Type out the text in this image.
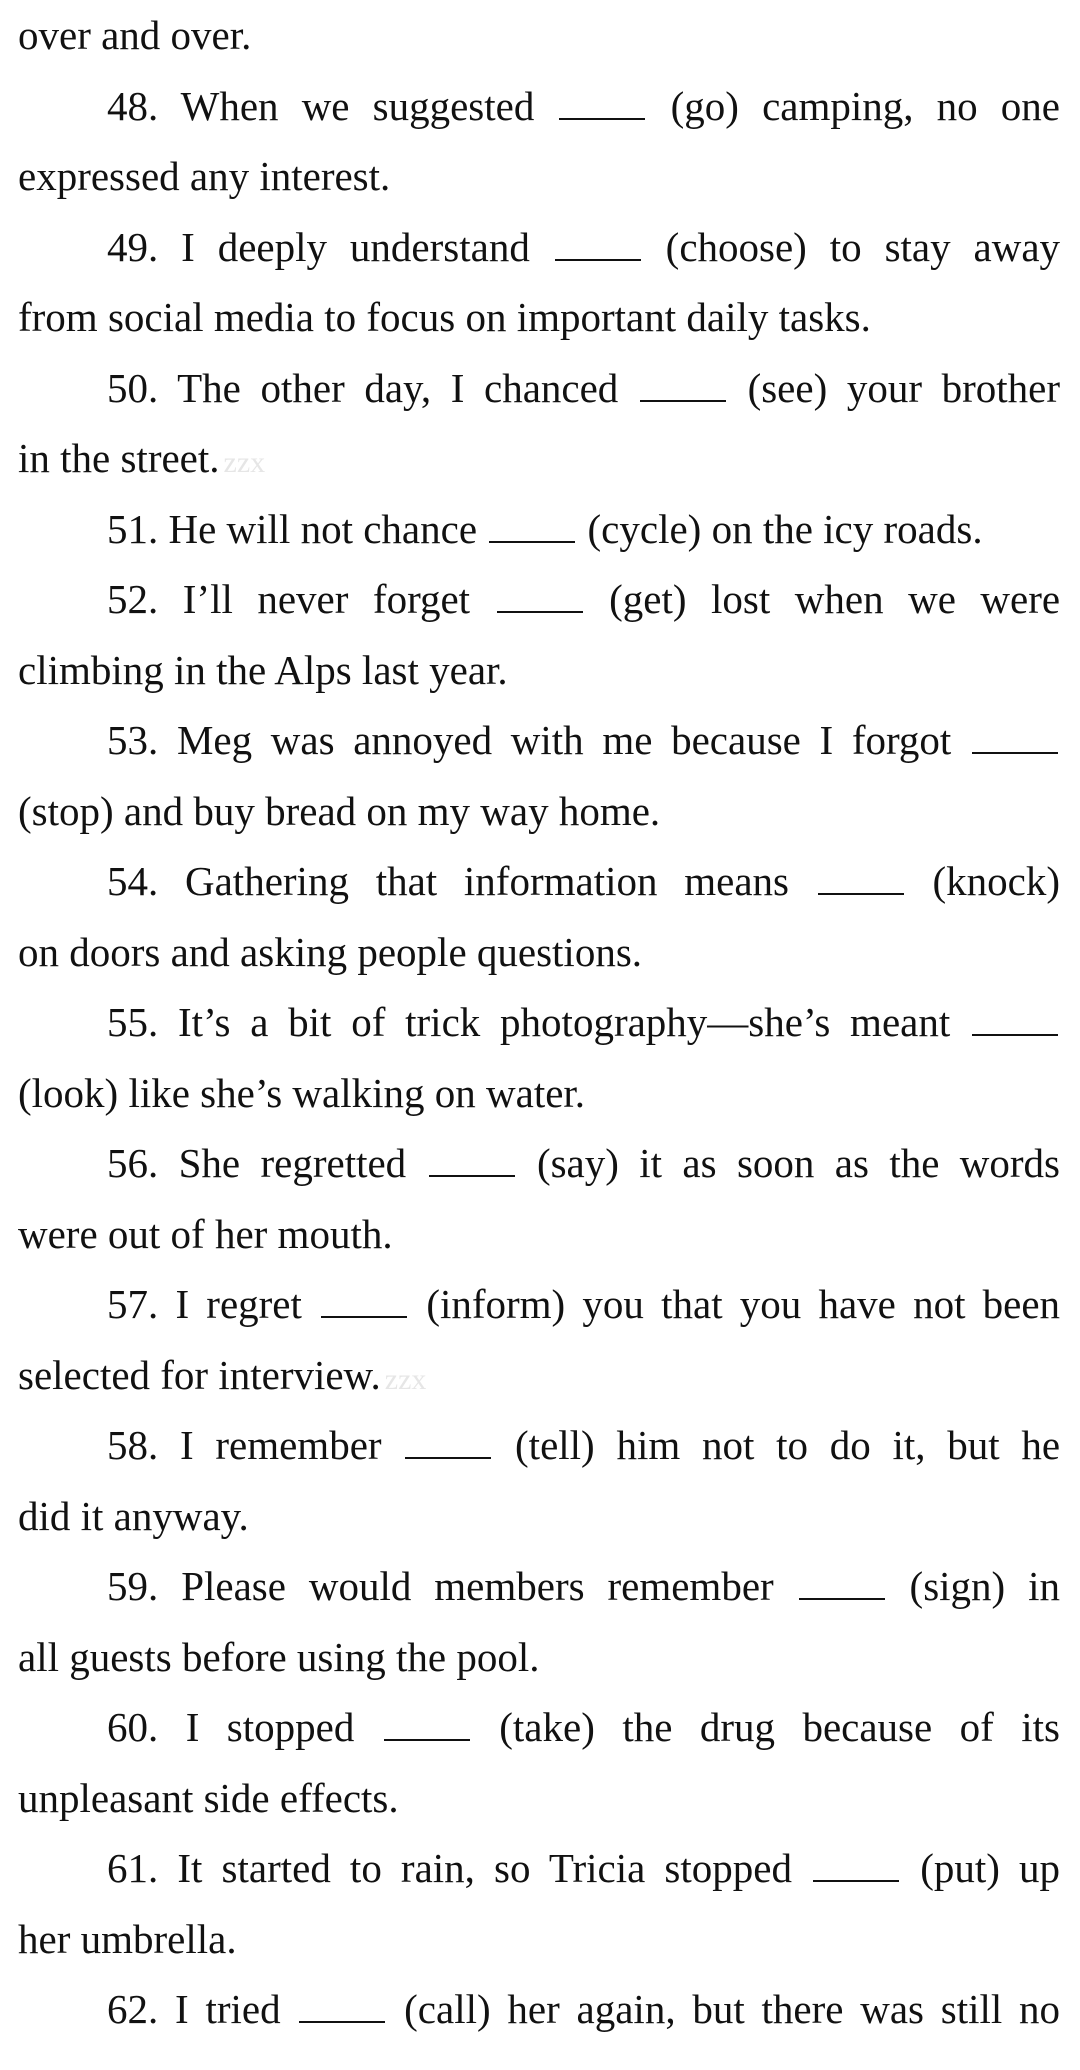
over and over.
48. When we suggested	(go) camping, no one
expressed any interest.
49. I deeply understand	(choose) to stay away
from social media to focus on important daily tasks.
50. The other day, I chanced	(see) your brother
in the street. zzx
51. He will not chance	(cycle) on the icy roads.
52. I’ll never forget	(get) lost when we were
climbing in the Alps last year.
53. Meg was annoyed with me because I forgot
(stop) and buy bread on my way home.
54. Gathering that information means	(knock)
on doors and asking people questions.
55. It’s a bit of trick photography—she’s meant
(look) like she’s walking on water.
56. She regretted	(say) it as soon as the words
were out of her mouth.
57. I regret	(inform) you that you have not been
selected for interview. zzx
58. I remember	(tell) him not to do it, but he
did it anyway.
59. Please would members remember	(sign) in
all guests before using the pool.
60. I stopped	(take) the drug because of its
unpleasant side effects.
61. It started to rain, so Tricia stopped	(put) up
her umbrella.
62. I tried	(call) her again, but there was still no
